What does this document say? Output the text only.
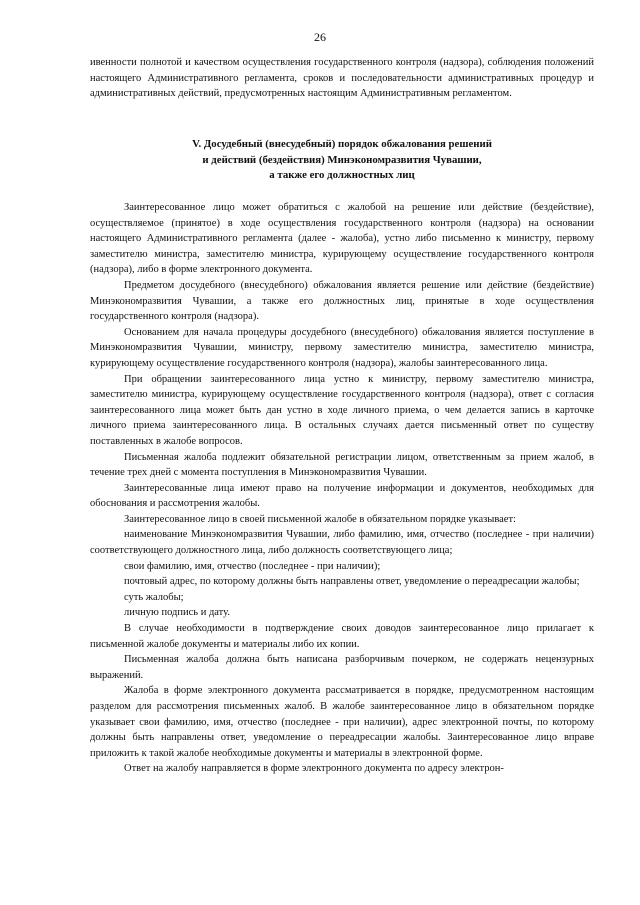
26

ивенности полнотой и качеством осуществления государственного контроля (надзора), соблюдения положений настоящего Административного регламента, сроков и последовательности административных процедур и административных действий, предусмотренных настоящим Административным регламентом.

V. Досудебный (внесудебный) порядок обжалования решений
и действий (бездействия) Минэкономразвития Чувашии,
а также его должностных лиц

Заинтересованное лицо может обратиться с жалобой на решение или действие (бездействие), осуществляемое (принятое) в ходе осуществления государственного контроля (надзора) на основании настоящего Административного регламента (далее - жалоба), устно либо письменно к министру, первому заместителю министра, заместителю министра, курирующему осуществление государственного контроля (надзора), либо в форме электронного документа.

Предметом досудебного (внесудебного) обжалования является решение или действие (бездействие) Минэкономразвития Чувашии, а также его должностных лиц, принятые в ходе осуществления государственного контроля (надзора).

Основанием для начала процедуры досудебного (внесудебного) обжалования является поступление в Минэкономразвития Чувашии, министру, первому заместителю министра, заместителю министра, курирующему осуществление государственного контроля (надзора), жалобы заинтересованного лица.

При обращении заинтересованного лица устно к министру, первому заместителю министра, заместителю министра, курирующему осуществление государственного контроля (надзора), ответ с согласия заинтересованного лица может быть дан устно в ходе личного приема, о чем делается запись в карточке личного приема заинтересованного лица. В остальных случаях дается письменный ответ по существу поставленных в жалобе вопросов.

Письменная жалоба подлежит обязательной регистрации лицом, ответственным за прием жалоб, в течение трех дней с момента поступления в Минэкономразвития Чувашии.

Заинтересованные лица имеют право на получение информации и документов, необходимых для обоснования и рассмотрения жалобы.

Заинтересованное лицо в своей письменной жалобе в обязательном порядке указывает:

наименование Минэкономразвития Чувашии, либо фамилию, имя, отчество (последнее - при наличии) соответствующего должностного лица, либо должность соответствующего лица;

свои фамилию, имя, отчество (последнее - при наличии);

почтовый адрес, по которому должны быть направлены ответ, уведомление о переадресации жалобы;

суть жалобы;

личную подпись и дату.

В случае необходимости в подтверждение своих доводов заинтересованное лицо прилагает к письменной жалобе документы и материалы либо их копии.

Письменная жалоба должна быть написана разборчивым почерком, не содержать нецензурных выражений.

Жалоба в форме электронного документа рассматривается в порядке, предусмотренном настоящим разделом для рассмотрения письменных жалоб. В жалобе заинтересованное лицо в обязательном порядке указывает свои фамилию, имя, отчество (последнее - при наличии), адрес электронной почты, по которому должны быть направлены ответ, уведомление о переадресации жалобы. Заинтересованное лицо вправе приложить к такой жалобе необходимые документы и материалы в электронной форме.

Ответ на жалобу направляется в форме электронного документа по адресу электрон-
